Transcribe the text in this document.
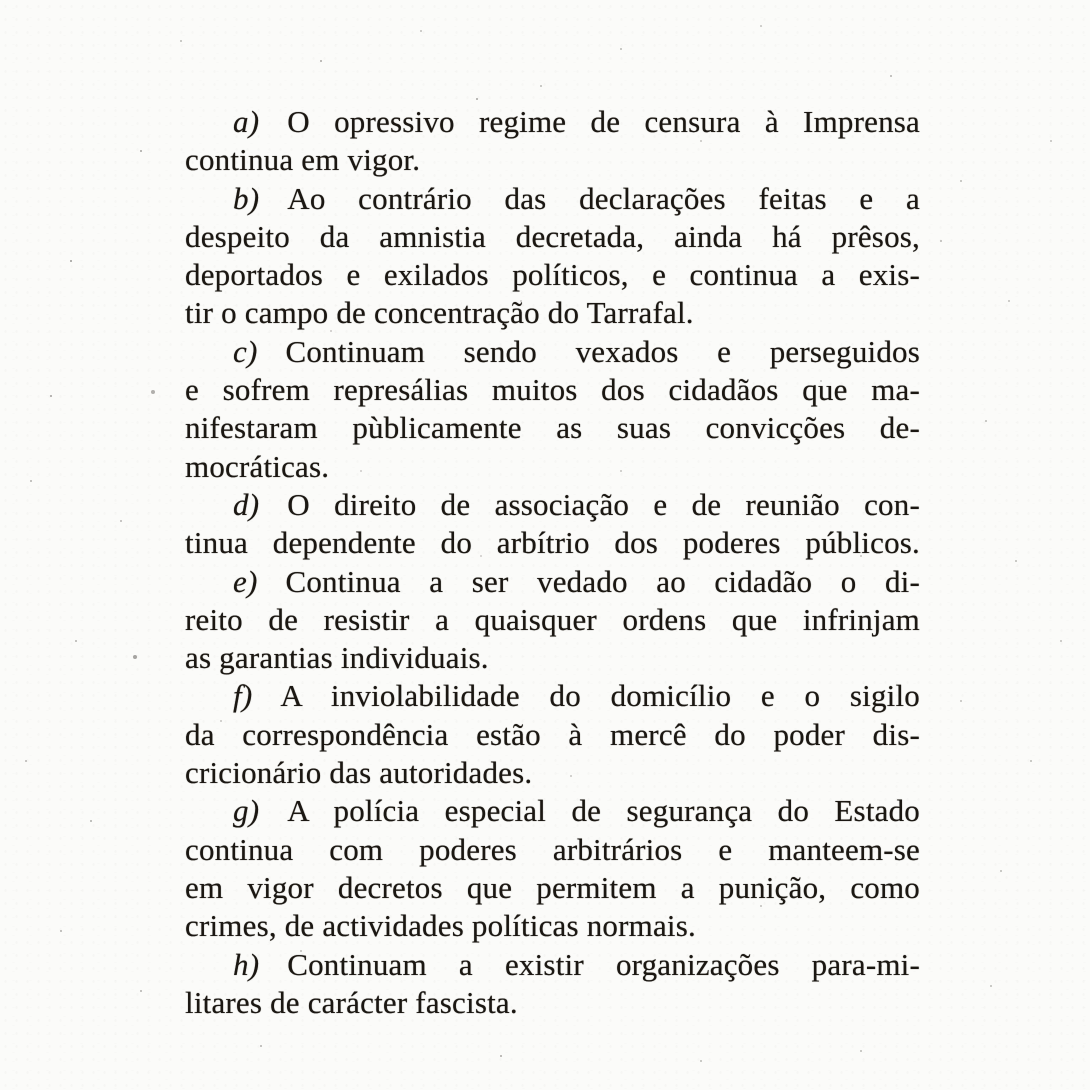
a) O opressivo regime de censura à Imprensa
continua em vigor.
b) Ao contrário das declarações feitas e a
despeito da amnistia decretada, ainda há prêsos,
deportados e exilados políticos, e continua a exis-
tir o campo de concentração do Tarrafal.
c) Continuam sendo vexados e perseguidos
e sofrem represálias muitos dos cidadãos que ma-
nifestaram pùblicamente as suas convicções de-
mocráticas.
d) O direito de associação e de reunião con-
tinua dependente do arbítrio dos poderes públicos.
e) Continua a ser vedado ao cidadão o di-
reito de resistir a quaisquer ordens que infrinjam
as garantias individuais.
f) A inviolabilidade do domicílio e o sigilo
da correspondência estão à mercê do poder dis-
cricionário das autoridades.
g) A polícia especial de segurança do Estado
continua com poderes arbitrários e manteem-se
em vigor decretos que permitem a punição, como
crimes, de actividades políticas normais.
h) Continuam a existir organizações para-mi-
litares de carácter fascista.
